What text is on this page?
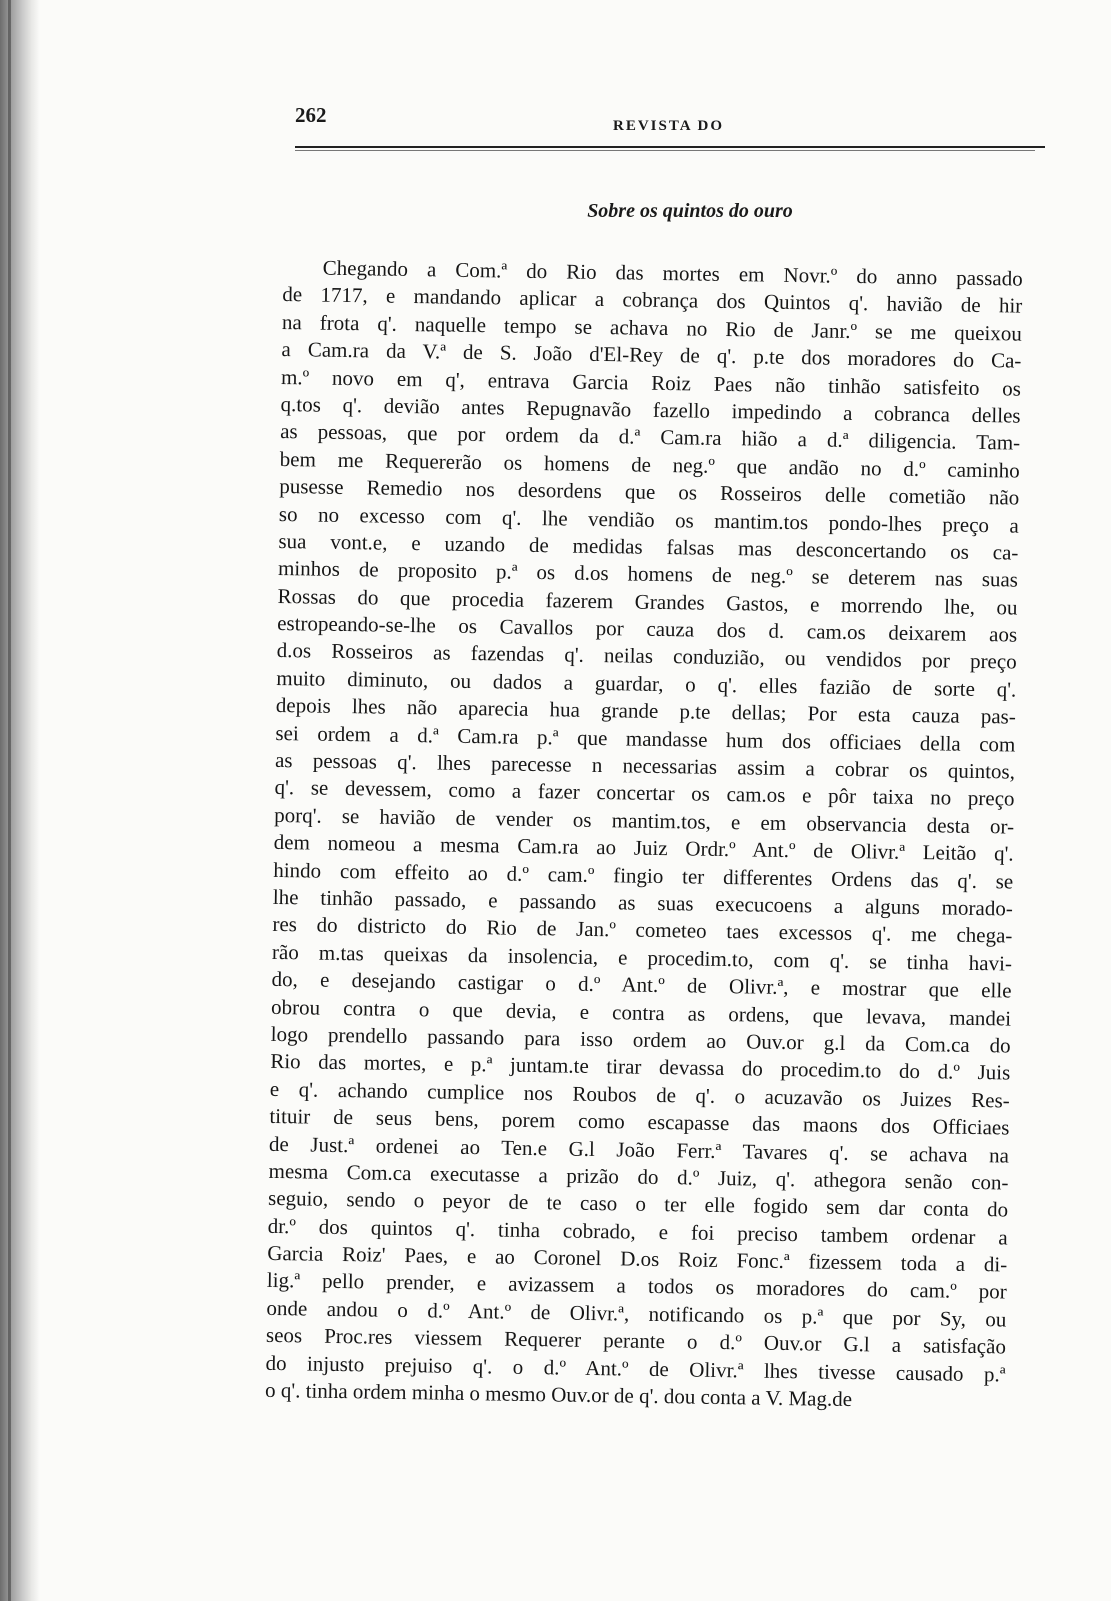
262	REVISTA DO
Sobre os quintos do ouro
Chegando a Com.ª do Rio das mortes em Novr.º do anno passado
de 1717, e mandando aplicar a cobrança dos Quintos q'. havião de hir
na frota q'. naquelle tempo se achava no Rio de Janr.º se me queixou
a Cam.ra da V.ª de S. João d'El-Rey de q'. p.te dos moradores do Ca-
m.º novo em q', entrava Garcia Roiz Paes não tinhão satisfeito os
q.tos q'. devião antes Repugnavão fazello impedindo a cobranca delles
as pessoas, que por ordem da d.ª Cam.ra hião a d.ª diligencia. Tam-
bem me Requererão os homens de neg.º que andão no d.º caminho
pusesse Remedio nos desordens que os Rosseiros delle cometião não
so no excesso com q'. lhe vendião os mantim.tos pondo-lhes preço a
sua vont.e, e uzando de medidas falsas mas desconcertando os ca-
minhos de proposito p.ª os d.os homens de neg.º se deterem nas suas
Rossas do que procedia fazerem Grandes Gastos, e morrendo lhe, ou
estropeando-se-lhe os Cavallos por cauza dos d. cam.os deixarem aos
d.os Rosseiros as fazendas q'. neilas conduzião, ou vendidos por preço
muito diminuto, ou dados a guardar, o q'. elles fazião de sorte q'.
depois lhes não aparecia hua grande p.te dellas; Por esta cauza pas-
sei ordem a d.ª Cam.ra p.ª que mandasse hum dos officiaes della com
as pessoas q'. lhes parecesse n necessarias assim a cobrar os quintos,
q'. se devessem, como a fazer concertar os cam.os e pôr taixa no preço
porq'. se havião de vender os mantim.tos, e em observancia desta or-
dem nomeou a mesma Cam.ra ao Juiz Ordr.º Ant.º de Olivr.ª Leitão q'.
hindo com effeito ao d.º cam.º fingio ter differentes Ordens das q'. se
lhe tinhão passado, e passando as suas execucoens a alguns morado-
res do districto do Rio de Jan.º cometeo taes excessos q'. me chega-
rão m.tas queixas da insolencia, e procedim.to, com q'. se tinha havi-
do, e desejando castigar o d.º Ant.º de Olivr.ª, e mostrar que elle
obrou contra o que devia, e contra as ordens, que levava, mandei
logo prendello passando para isso ordem ao Ouv.or g.l da Com.ca do
Rio das mortes, e p.ª juntam.te tirar devassa do procedim.to do d.º Juis
e q'. achando cumplice nos Roubos de q'. o acuzavão os Juizes Res-
tituir de seus bens, porem como escapasse das maons dos Officiaes
de Just.ª ordenei ao Ten.e G.l João Ferr.ª Tavares q'. se achava na
mesma Com.ca executasse a prizão do d.º Juiz, q'. athegora senão con-
seguio, sendo o peyor de te caso o ter elle fogido sem dar conta do
dr.º dos quintos q'. tinha cobrado, e foi preciso tambem ordenar a
Garcia Roiz' Paes, e ao Coronel D.os Roiz Fonc.ª fizessem toda a di-
lig.ª pello prender, e avizassem a todos os moradores do cam.º por
onde andou o d.º Ant.º de Olivr.ª, notificando os p.ª que por Sy, ou
seos Proc.res viessem Requerer perante o d.º Ouv.or G.l a satisfação
do injusto prejuiso q'. o d.º Ant.º de Olivr.ª lhes tivesse causado p.ª
o q'. tinha ordem minha o mesmo Ouv.or de q'. dou conta a V. Mag.de
